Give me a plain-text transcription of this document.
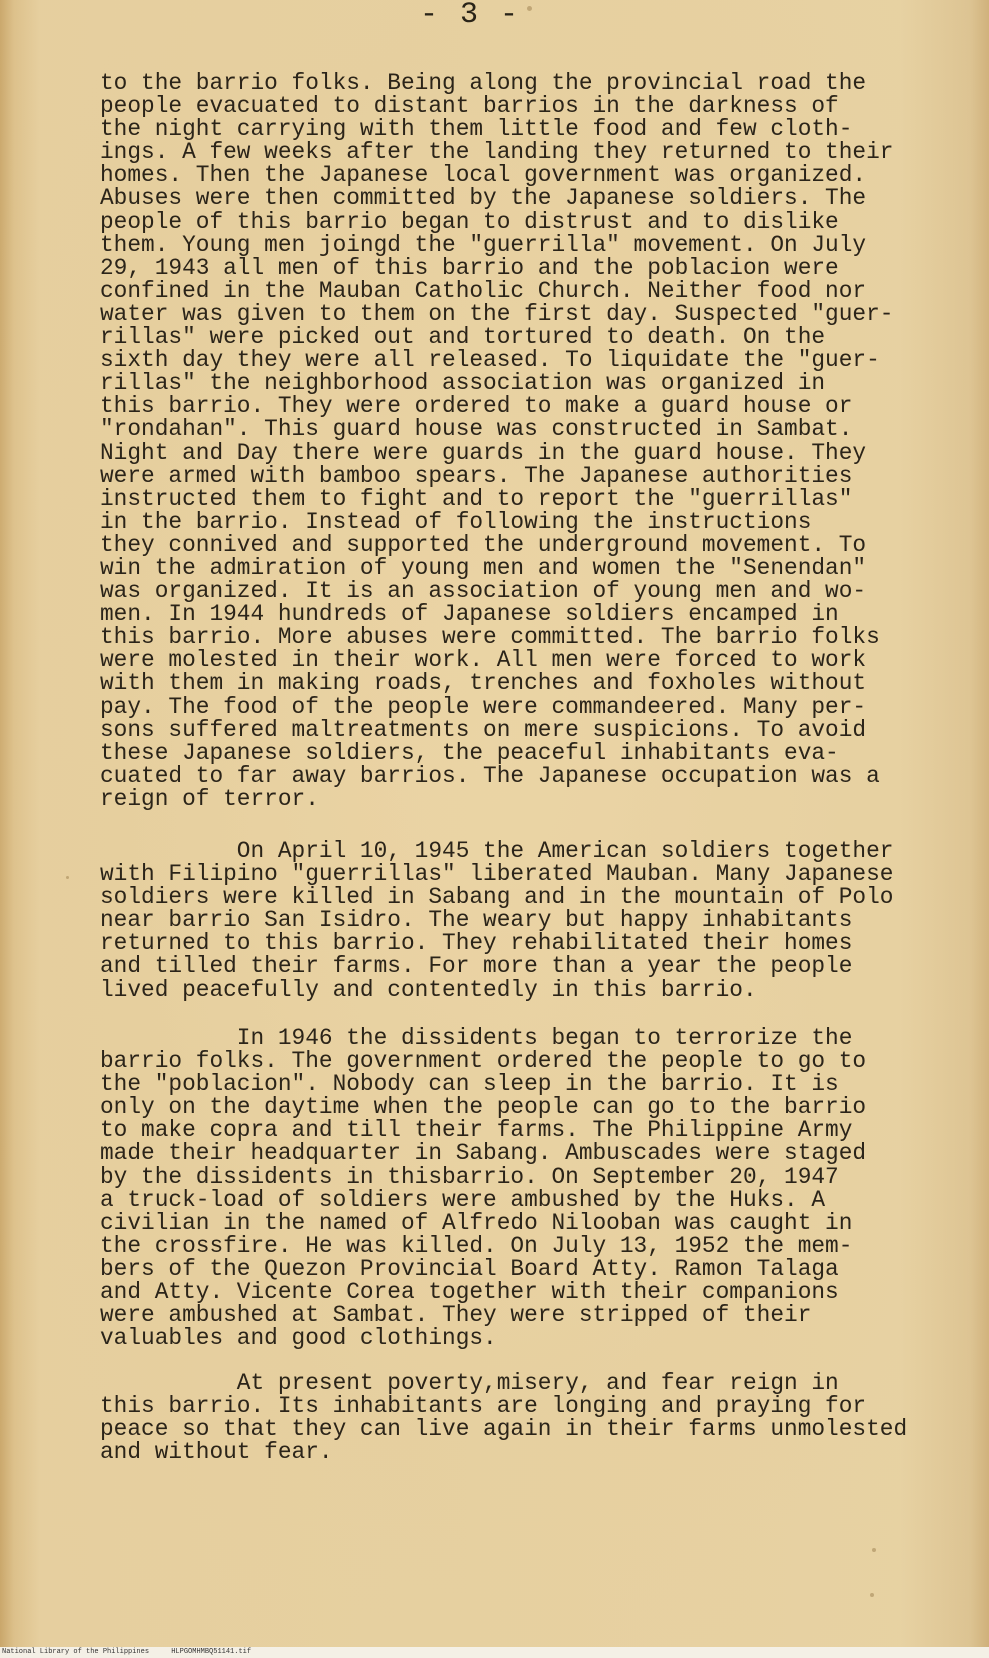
- 3 -
to the barrio folks. Being along the provincial road the
people evacuated to distant barrios in the darkness of
the night carrying with them little food and few cloth-
ings. A few weeks after the landing they returned to their
homes. Then the Japanese local government was organized.
Abuses were then committed by the Japanese soldiers. The
people of this barrio began to distrust and to dislike
them. Young men joingd the "guerrilla" movement. On July
29, 1943 all men of this barrio and the poblacion were
confined in the Mauban Catholic Church. Neither food nor
water was given to them on the first day. Suspected "guer-
rillas" were picked out and tortured to death. On the
sixth day they were all released. To liquidate the "guer-
rillas" the neighborhood association was organized in
this barrio. They were ordered to make a guard house or
"rondahan". This guard house was constructed in Sambat.
Night and Day there were guards in the guard house. They
were armed with bamboo spears. The Japanese authorities
instructed them to fight and to report the "guerrillas"
in the barrio. Instead of following the instructions
they connived and supported the underground movement. To
win the admiration of young men and women the "Senendan"
was organized. It is an association of young men and wo-
men. In 1944 hundreds of Japanese soldiers encamped in
this barrio. More abuses were committed. The barrio folks
were molested in their work. All men were forced to work
with them in making roads, trenches and foxholes without
pay. The food of the people were commandeered. Many per-
sons suffered maltreatments on mere suspicions. To avoid
these Japanese soldiers, the peaceful inhabitants eva-
cuated to far away barrios. The Japanese occupation was a
reign of terror.
On April 10, 1945 the American soldiers together
with Filipino "guerrillas" liberated Mauban. Many Japanese
soldiers were killed in Sabang and in the mountain of Polo
near barrio San Isidro. The weary but happy inhabitants
returned to this barrio. They rehabilitated their homes
and tilled their farms. For more than a year the people
lived peacefully and contentedly in this barrio.
In 1946 the dissidents began to terrorize the
barrio folks. The government ordered the people to go to
the "poblacion". Nobody can sleep in the barrio. It is
only on the daytime when the people can go to the barrio
to make copra and till their farms. The Philippine Army
made their headquarter in Sabang. Ambuscades were staged
by the dissidents in thisbarrio. On September 20, 1947
a truck-load of soldiers were ambushed by the Huks. A
civilian in the named of Alfredo Nilooban was caught in
the crossfire. He was killed. On July 13, 1952 the mem-
bers of the Quezon Provincial Board Atty. Ramon Talaga
and Atty. Vicente Corea together with their companions
were ambushed at Sambat. They were stripped of their
valuables and good clothings.
At present poverty,misery, and fear reign in
this barrio. Its inhabitants are longing and praying for
peace so that they can live again in their farms unmolested
and without fear.
National Library of the Philippines	HLPGOMHMBQ51141.tif
